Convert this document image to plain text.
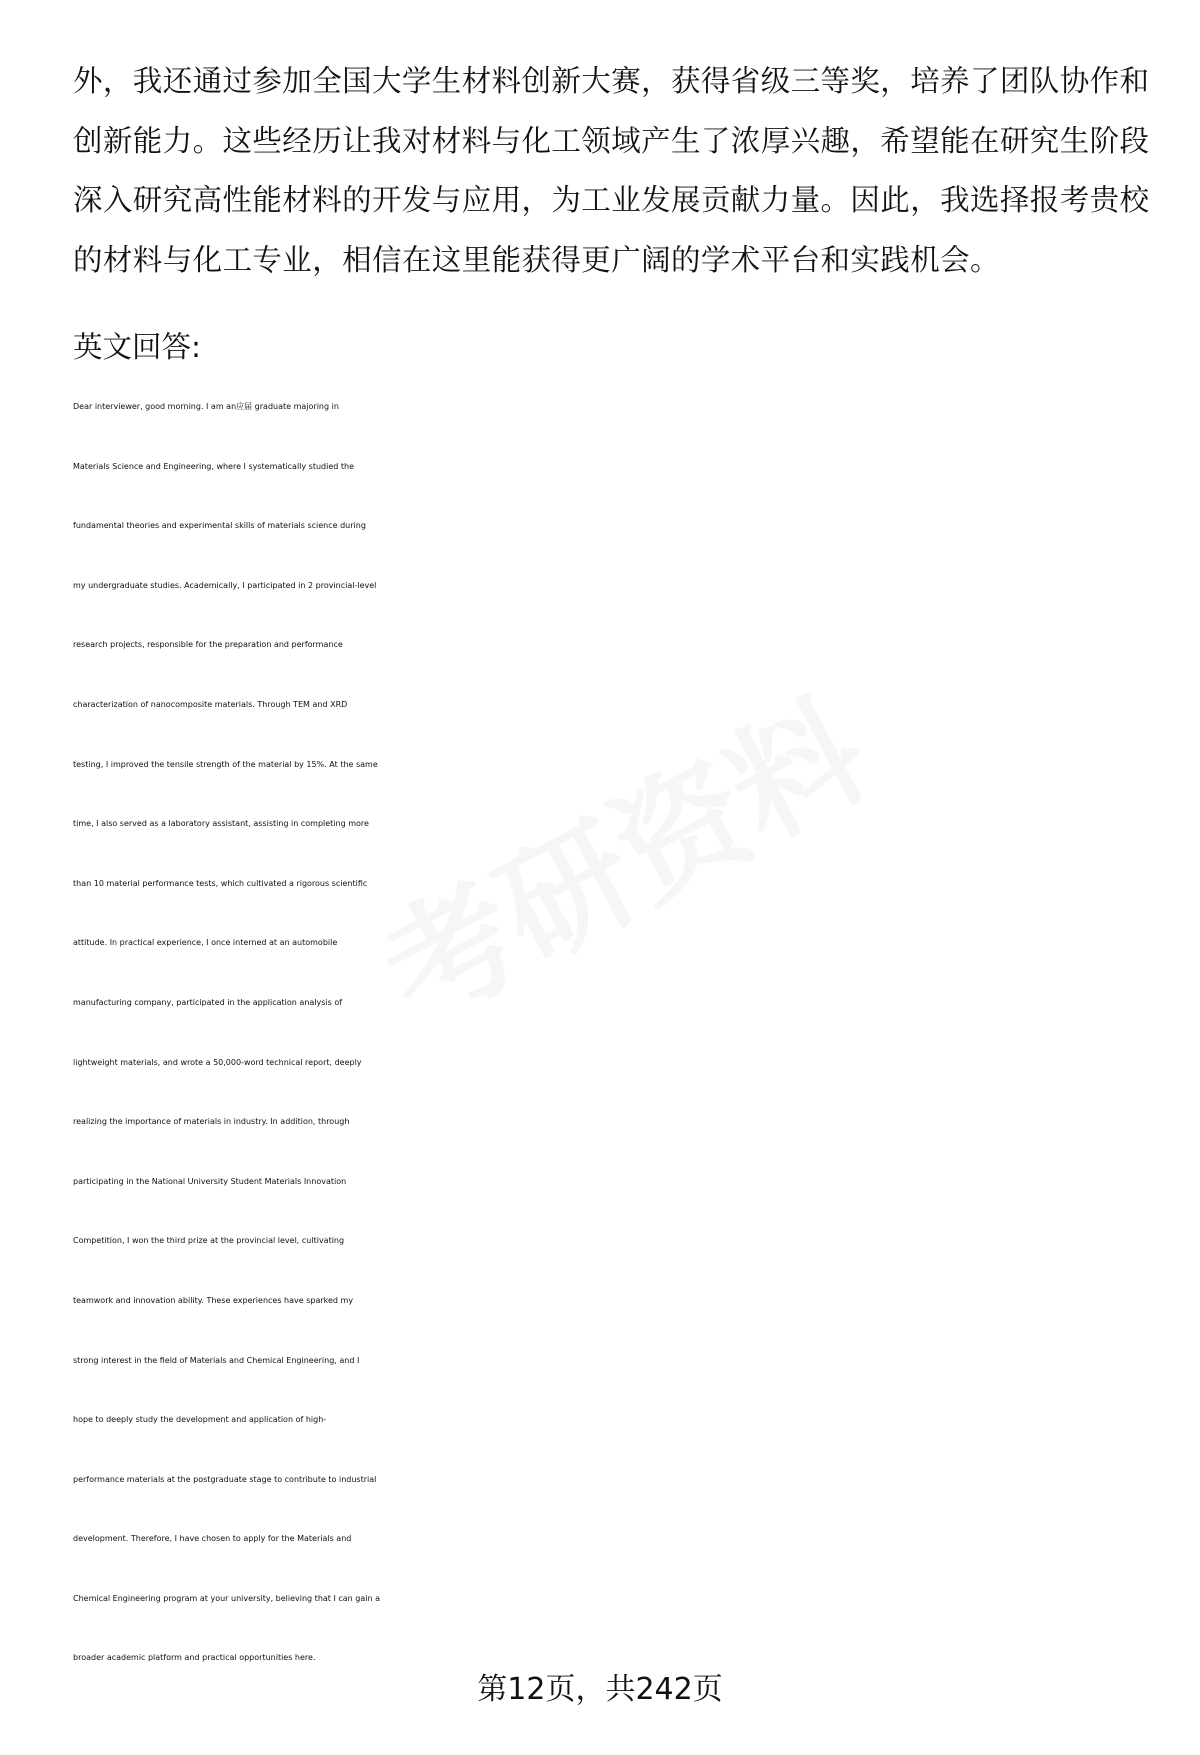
外，我还通过参加全国大学生材料创新大赛，获得省级三等奖，培养了团队协作和
创新能力。这些经历让我对材料与化工领域产生了浓厚兴趣，希望能在研究生阶段
深入研究高性能材料的开发与应用，为工业发展贡献力量。因此，我选择报考贵校
的材料与化工专业，相信在这里能获得更广阔的学术平台和实践机会。
英文回答:
Dear interviewer, good morning. I am an应届 graduate majoring in
Materials Science and Engineering, where I systematically studied the
fundamental theories and experimental skills of materials science during
my undergraduate studies. Academically, I participated in 2 provincial-level
research projects, responsible for the preparation and performance
characterization of nanocomposite materials. Through TEM and XRD
testing, I improved the tensile strength of the material by 15%. At the same
time, I also served as a laboratory assistant, assisting in completing more
than 10 material performance tests, which cultivated a rigorous scientific
attitude. In practical experience, I once interned at an automobile
manufacturing company, participated in the application analysis of
lightweight materials, and wrote a 50,000-word technical report, deeply
realizing the importance of materials in industry. In addition, through
participating in the National University Student Materials Innovation
Competition, I won the third prize at the provincial level, cultivating
teamwork and innovation ability. These experiences have sparked my
strong interest in the field of Materials and Chemical Engineering, and I
hope to deeply study the development and application of high-
performance materials at the postgraduate stage to contribute to industrial
development. Therefore, I have chosen to apply for the Materials and
Chemical Engineering program at your university, believing that I can gain a
broader academic platform and practical opportunities here.
第12页，共242页
